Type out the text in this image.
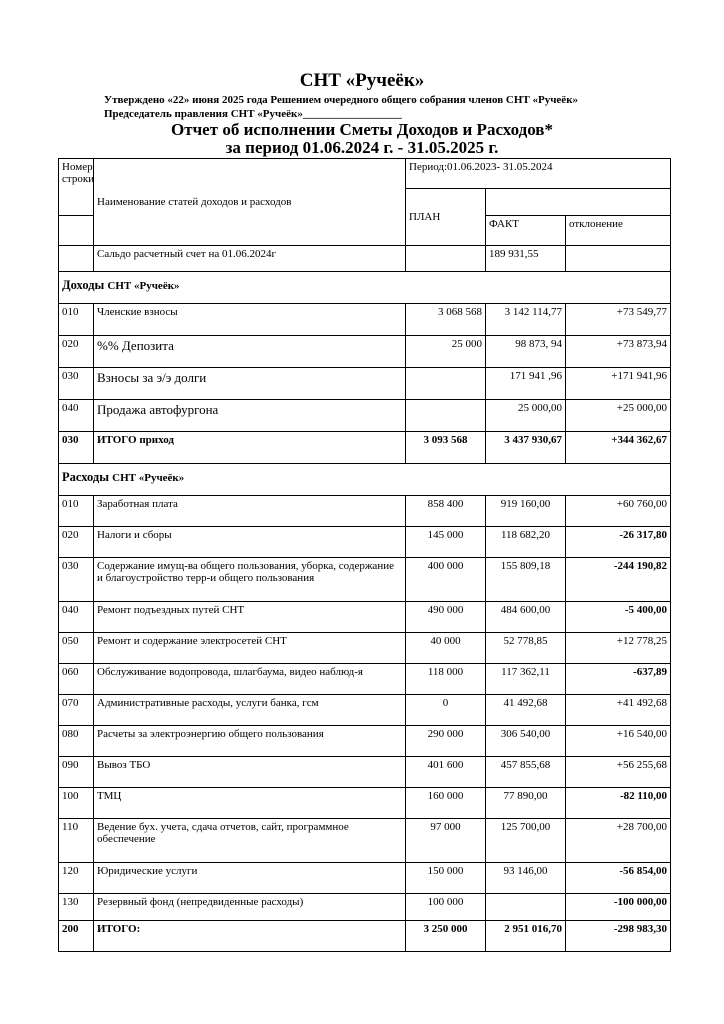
СНТ «Ручеёк»
Утверждено «22» июня 2025 года Решением очередного общего собрания членов СНТ «Ручеёк»
Председатель правления СНТ «Ручеёк»__________________
Отчет об исполнении Сметы Доходов и Расходов*
за период 01.06.2024 г. - 31.05.2025 г.
Номер строки	Наименование статей доходов и расходов	Период:01.06.2023- 31.05.2024		
		ПЛАН		
			ФАКТ	отклонение
	Сальдо расчетный счет на 01.06.2024г		189 931,55	
Доходы СНТ «Ручеёк»				
010	Членские взносы	3 068 568	3 142 114,77	+73 549,77
020	%% Депозита	25 000	98 873, 94	+73 873,94
030	Взносы за э/э долги		171 941 ,96	+171 941,96
040	Продажа автофургона		25 000,00	+25 000,00
030	ИТОГО приход	3 093 568	3 437 930,67	+344 362,67
Расходы СНТ «Ручеёк»				
010	Заработная плата	858 400	919 160,00	+60 760,00
020	Налоги и сборы	145 000	118 682,20	-26 317,80
030	Содержание имущ-ва общего пользования, уборка, содержание и благоустройство терр-и общего пользования	400 000	155 809,18	-244 190,82
040	Ремонт подъездных путей СНТ	490 000	484 600,00	-5 400,00
050	Ремонт и содержание электросетей СНТ	40 000	52 778,85	+12 778,25
060	Обслуживание водопровода, шлагбаума, видео наблюд-я	118 000	117 362,11	-637,89
070	Административные расходы, услуги банка, гсм	0	41 492,68	+41 492,68
080	Расчеты за электроэнергию общего пользования	290 000	306 540,00	+16 540,00
090	Вывоз ТБО	401 600	457 855,68	+56 255,68
100	ТМЦ	160 000	77 890,00	-82 110,00
110	Ведение бух. учета, сдача отчетов, сайт, программное обеспечение	97 000	125 700,00	+28 700,00
120	Юридические услуги	150 000	93 146,00	-56 854,00
130	Резервный фонд (непредвиденные расходы)	100 000		-100 000,00
200	ИТОГО:	3 250 000	2 951 016,70	-298 983,30
